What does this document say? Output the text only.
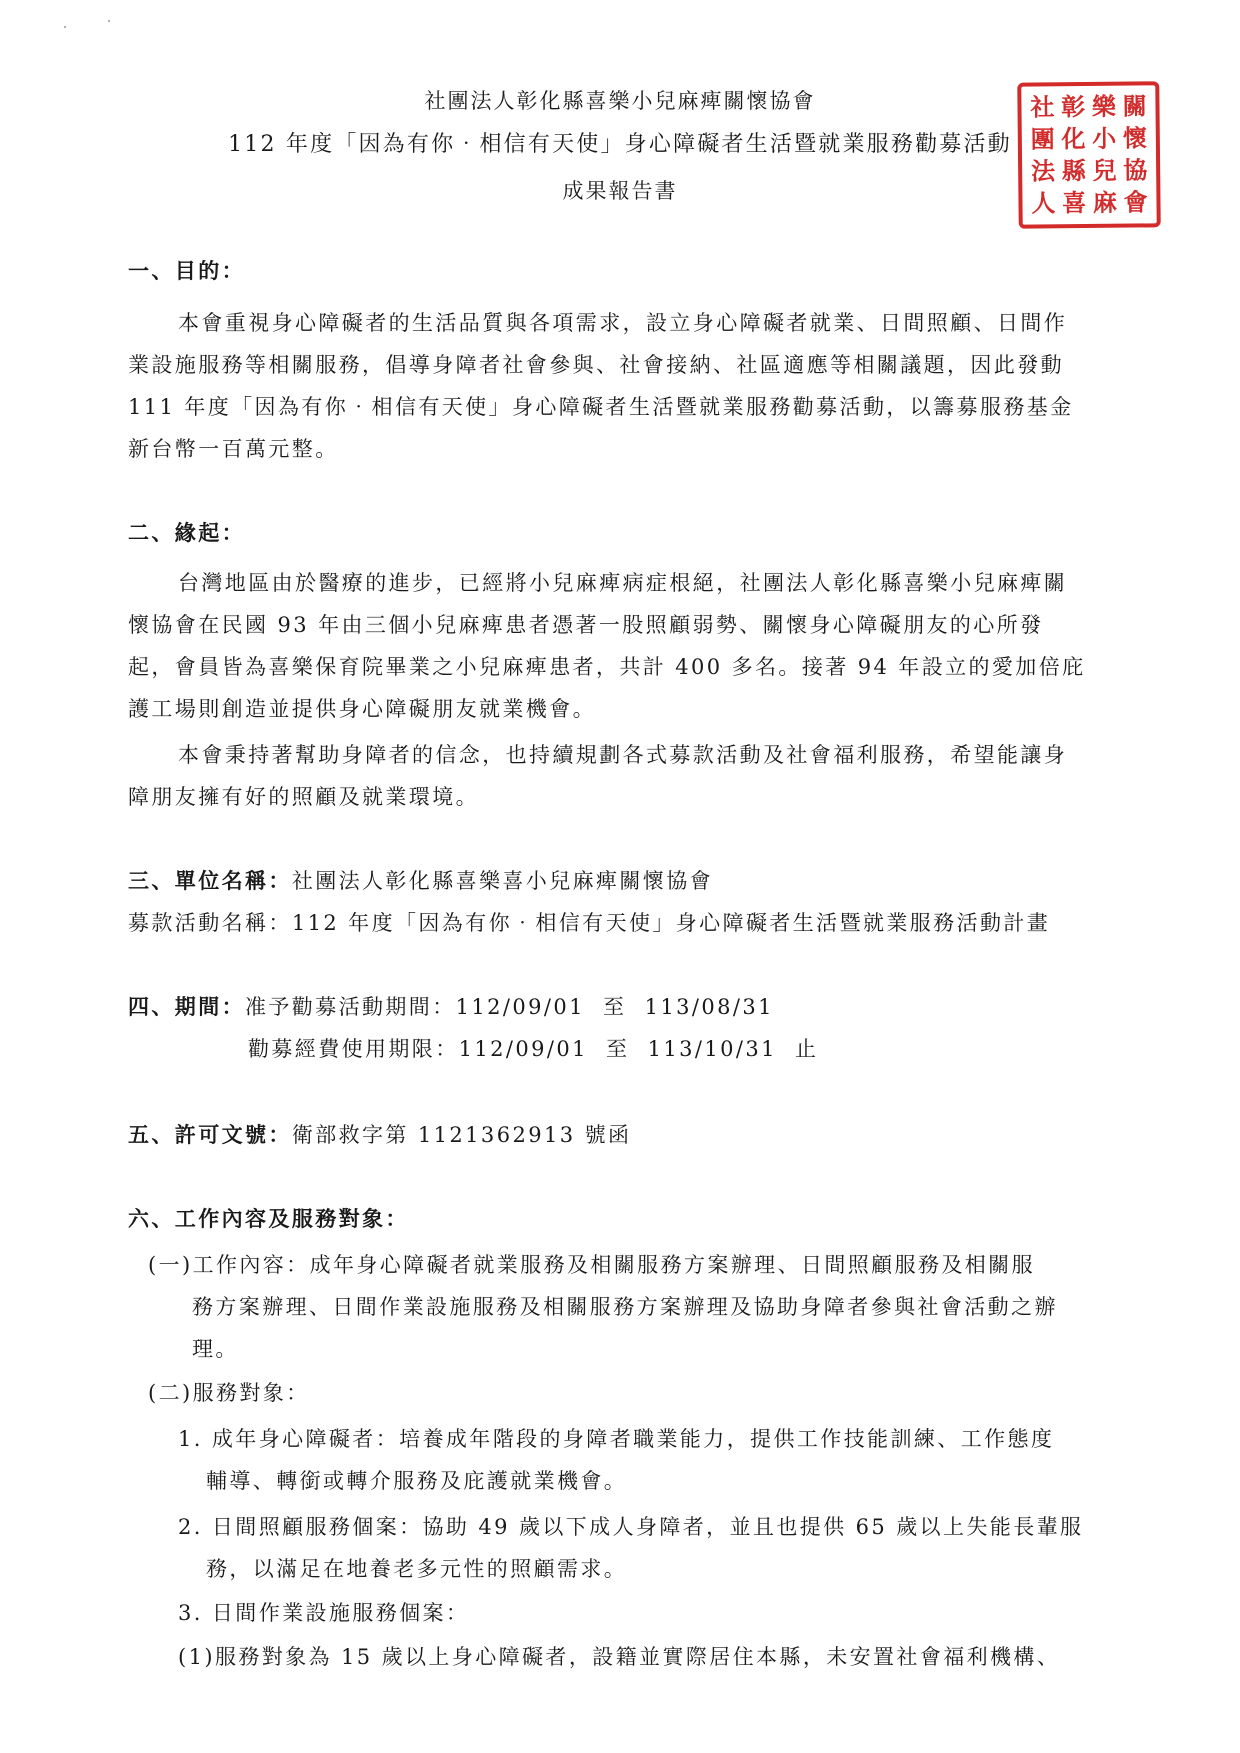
社團法人彰化縣喜樂小兒麻痺關懷協會
112 年度「因為有你‧相信有天使」身心障礙者生活暨就業服務勸募活動
成果報告書
社 彰 樂 關
團 化 小 懷
法 縣 兒 協
人 喜 麻 會
一、目的：
本會重視身心障礙者的生活品質與各項需求，設立身心障礙者就業、日間照顧、日間作
業設施服務等相關服務，倡導身障者社會參與、社會接納、社區適應等相關議題，因此發動
111 年度「因為有你‧相信有天使」身心障礙者生活暨就業服務勸募活動，以籌募服務基金
新台幣一百萬元整。
二、緣起：
台灣地區由於醫療的進步，已經將小兒麻痺病症根絕，社團法人彰化縣喜樂小兒麻痺關
懷協會在民國 93 年由三個小兒麻痺患者憑著一股照顧弱勢、關懷身心障礙朋友的心所發
起，會員皆為喜樂保育院畢業之小兒麻痺患者，共計 400 多名。接著 94 年設立的愛加倍庇
護工場則創造並提供身心障礙朋友就業機會。
本會秉持著幫助身障者的信念，也持續規劃各式募款活動及社會福利服務，希望能讓身
障朋友擁有好的照顧及就業環境。
三、單位名稱：社團法人彰化縣喜樂喜小兒麻痺關懷協會
募款活動名稱：112 年度「因為有你‧相信有天使」身心障礙者生活暨就業服務活動計畫
四、期間：准予勸募活動期間：112/09/01  至  113/08/31
勸募經費使用期限：112/09/01  至  113/10/31  止
五、許可文號：衛部救字第 1121362913 號函
六、工作內容及服務對象：
(一)工作內容：成年身心障礙者就業服務及相關服務方案辦理、日間照顧服務及相關服
務方案辦理、日間作業設施服務及相關服務方案辦理及協助身障者參與社會活動之辦
理。
(二)服務對象：
1. 成年身心障礙者：培養成年階段的身障者職業能力，提供工作技能訓練、工作態度
輔導、轉銜或轉介服務及庇護就業機會。
2. 日間照顧服務個案：協助 49 歲以下成人身障者，並且也提供 65 歲以上失能長輩服
務，以滿足在地養老多元性的照顧需求。
3. 日間作業設施服務個案：
(1)服務對象為 15 歲以上身心障礙者，設籍並實際居住本縣，未安置社會福利機構、
